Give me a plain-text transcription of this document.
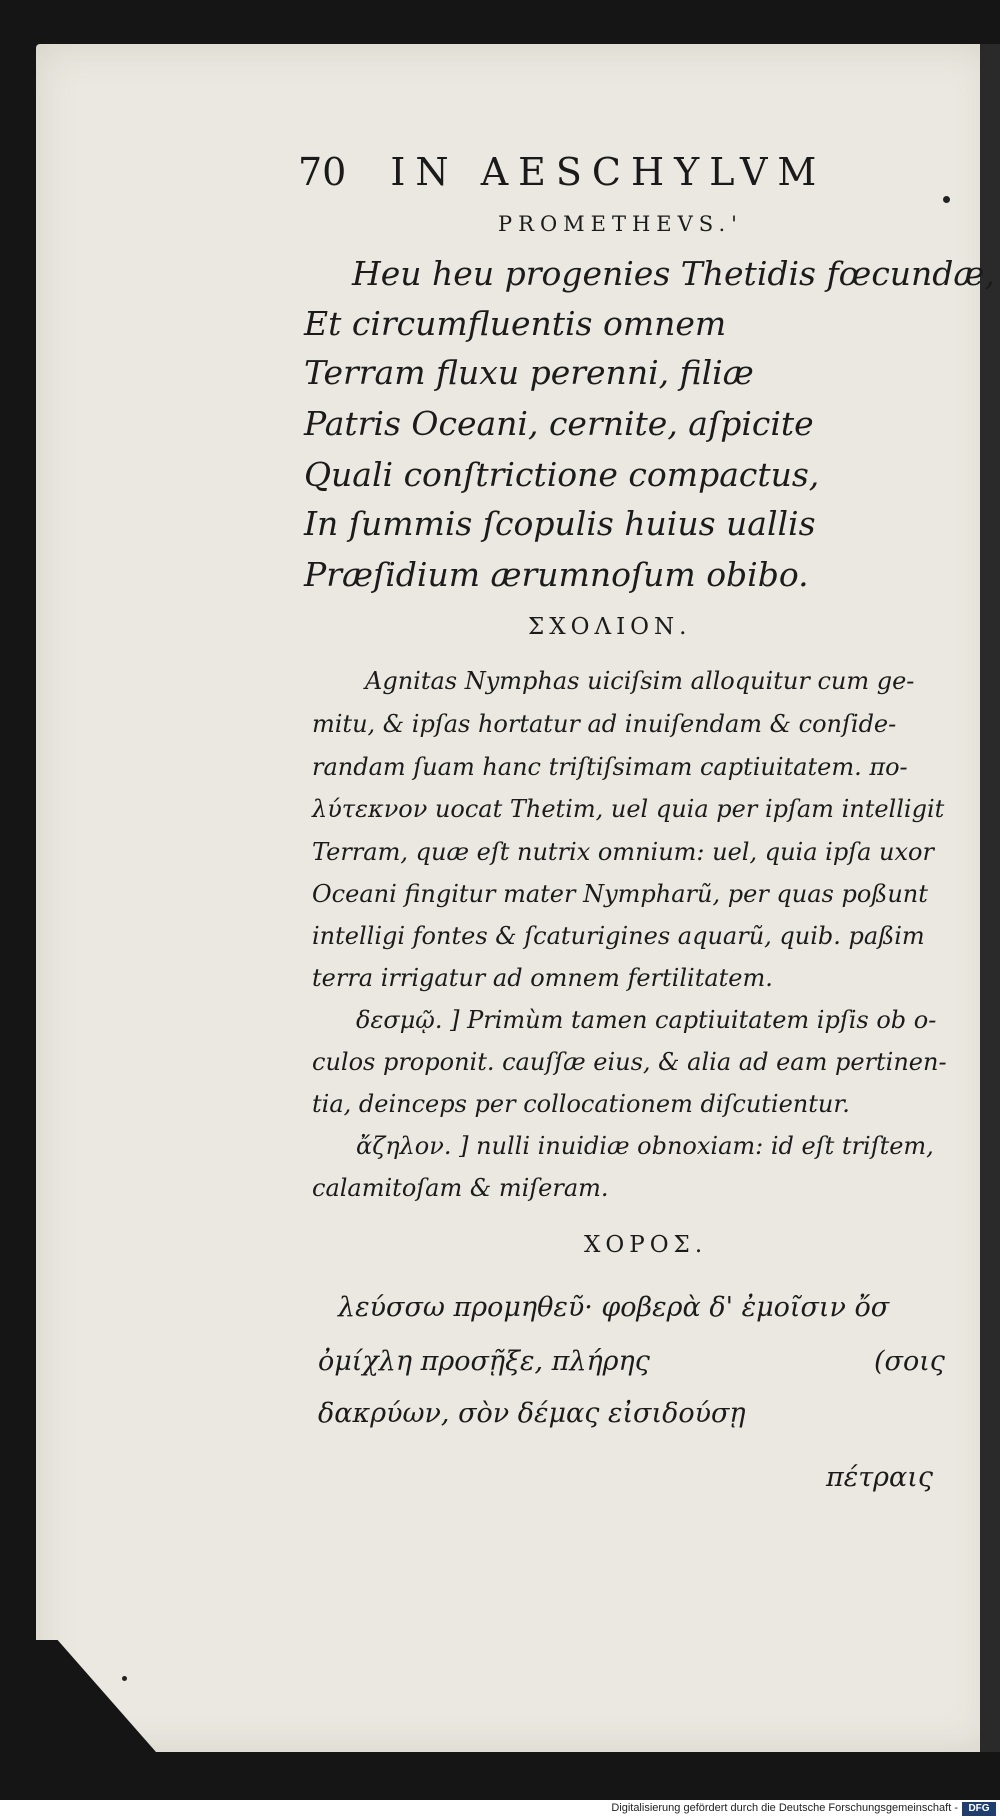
70 IN AESCHYLVM
PROMETHEVS.'
Heu heu progenies Thetidis fœcundæ,
Et circumfluentis omnem
Terram fluxu perenni, filiæ
Patris Oceani, cernite, aſpicite
Quali conſtrictione compactus,
In ſummis ſcopulis huius uallis
Præſidium ærumnoſum obibo.
ΣΧΟΛΙΟΝ.
Agnitas Nymphas uiciſsim alloquitur cum ge-
mitu, & ipſas hortatur ad inuiſendam & conſide-
randam ſuam hanc triſtiſsimam captiuitatem. πο-
λύτεκνον uocat Thetim, uel quia per ipſam intelligit
Terram, quæ eſt nutrix omnium: uel, quia ipſa uxor
Oceani fingitur mater Nympharũ, per quas poßunt
intelligi fontes & ſcaturigines aquarũ, quib. paßim
terra irrigatur ad omnem fertilitatem.
δεσμῷ. ] Primùm tamen captiuitatem ipſis ob o-
culos proponit. cauſſæ eius, & alia ad eam pertinen-
tia, deinceps per collocationem diſcutientur.
ἄζηλον. ] nulli inuidiæ obnoxiam: id eſt triſtem,
calamitoſam & miſeram.
ΧΟΡΟΣ.
λεύσσω προμηθεῦ· φοβερὰ δ' ἐμοῖσιν ὄσ
ὀμίχλη προσῇξε, πλήρης	(σοις
δακρύων, σὸν δέμας εἰσιδούσῃ
πέτραις
Digitalisierung gefördert durch die Deutsche Forschungsgemeinschaft -	DFG
